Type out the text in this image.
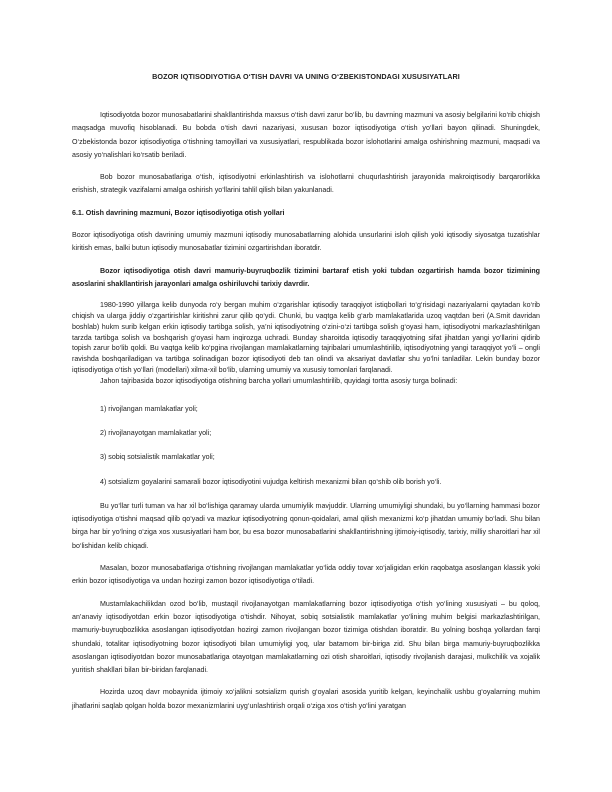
BOZOR IQTISODIYOTIGA O‘TISH DAVRI VA UNING O‘ZBEKISTONDAGI XUSUSIYATLARI

Iqtisodiyotda bozor munosabatlarini shakllantirishda maxsus o‘tish davri zarur bo‘lib, bu davrning mazmuni va asosiy belgilarini ko‘rib chiqish maqsadga muvofiq hisoblanadi. Bu bobda o‘tish davri nazariyasi, xususan bozor iqtisodiyotiga o‘tish yo‘llari bayon qilinadi. Shuningdek, O‘zbekistonda bozor iqtisodiyotiga o‘tishning tamoyillari va xususiyatlari, respublikada bozor islohotlarini amalga oshirishning mazmuni, maqsadi va asosiy yo‘nalishlari ko‘rsatib beriladi.

Bob bozor munosabatlariga o‘tish, iqtisodiyotni erkinlashtirish va islohotlarni chuqurlashtirish jarayonida makroiqtisodiy barqarorlikka erishish, strategik vazifalarni amalga oshirish yo‘llarini tahlil qilish bilan yakunlanadi.

6.1. Otish davrining mazmuni, Bozor iqtisodiyotiga otish yollari

Bozor iqtisodiyotiga otish davrining umumiy mazmuni iqtisodiy munosabatlarning alohida unsurlarini isloh qilish yoki iqtisodiy siyosatga tuzatishlar kiritish emas, balki butun iqtisodiy munosabatlar tizimini ozgartirishdan iboratdir.

Bozor iqtisodiyotiga otish davri mamuriy-buyruqbozlik tizimini bartaraf etish yoki tubdan ozgartirish hamda bozor tizimining asoslarini shakllantirish jarayonlari amalga oshiriluvchi tarixiy davrdir.

1980-1990 yillarga kelib dunyoda ro‘y bergan muhim o‘zgarishlar iqtisodiy taraqqiyot istiqbollari to‘g‘risidagi nazariyalarni qaytadan ko‘rib chiqish va ularga jiddiy o‘zgartirishlar kiritishni zarur qilib qo‘ydi. Chunki, bu vaqtga kelib g‘arb mamlakatlarida uzoq vaqtdan beri (A.Smit davridan boshlab) hukm surib kelgan erkin iqtisodiy tartibga solish, ya’ni iqtisodiyotning o‘zini-o‘zi tartibga solish g‘oyasi ham, iqtisodiyotni markazlashtirilgan tarzda tartibga solish va boshqarish g‘oyasi ham inqirozga uchradi. Bunday sharoitda iqtisodiy taraqqiyotning sifat jihatdan yangi yo‘llarini qidirib topish zarur bo‘lib qoldi. Bu vaqtga kelib ko‘pgina rivojlangan mamlakatlarning tajribalari umumlashtirilib, iqtisodiyotning yangi taraqqiyot yo‘li – ongli ravishda boshqariladigan va tartibga solinadigan bozor iqtisodiyoti deb tan olindi va aksariyat davlatlar shu yo‘lni tanladilar. Lekin bunday bozor iqtisodiyotiga o‘tish yo‘llari (modellari) xilma-xil bo‘lib, ularning umumiy va xususiy tomonlari farqlanadi.

Jahon tajribasida bozor iqtisodiyotiga otishning barcha yollari umumlashtirilib, quyidagi tortta asosiy turga bolinadi:

1) rivojlangan mamlakatlar yoli;

2) rivojlanayotgan mamlakatlar yoli;

3) sobiq sotsialistik mamlakatlar yoli;

4) sotsializm goyalarini samarali bozor iqtisodiyotini vujudga keltirish mexanizmi bilan qo‘shib olib borish yo‘li.

Bu yo‘llar turli tuman va har xil bo‘lishiga qaramay ularda umumiylik mavjuddir. Ularning umumiyligi shundaki, bu yo‘llarning hammasi bozor iqtisodiyotiga o‘tishni maqsad qilib qo‘yadi va mazkur iqtisodiyotning qonun-qoidalari, amal qilish mexanizmi ko‘p jihatdan umumiy bo‘ladi. Shu bilan birga har bir yo‘lning o‘ziga xos xususiyatlari ham bor, bu esa bozor munosabatlarini shakllantirishning ijtimoiy-iqtisodiy, tarixiy, milliy sharoitlari har xil bo‘lishidan kelib chiqadi.

Masalan, bozor munosabatlariga o‘tishning rivojlangan mamlakatlar yo‘lida oddiy tovar xo‘jaligidan erkin raqobatga asoslangan klassik yoki erkin bozor iqtisodiyotiga va undan hozirgi zamon bozor iqtisodiyotiga o‘tiladi.

Mustamlakachilikdan ozod bo‘lib, mustaqil rivojlanayotgan mamlakatlarning bozor iqtisodiyotiga o‘tish yo‘lining xususiyati – bu qoloq, an’anaviy iqtisodiyotdan erkin bozor iqtisodiyotiga o‘tishdir. Nihoyat, sobiq sotsialistik mamlakatlar yo‘lining muhim belgisi markazlashtirilgan, mamuriy-buyruqbozlikka asoslangan iqtisodiyotdan hozirgi zamon rivojlangan bozor tizimiga otishdan iboratdir. Bu yolning boshqa yollardan farqi shundaki, totalitar iqtisodiyotning bozor iqtisodiyoti bilan umumiyligi yoq, ular batamom bir-biriga zid. Shu bilan birga mamuriy-buyruqbozlikka asoslangan iqtisodiyotdan bozor munosabatlariga otayotgan mamlakatlarning ozi otish sharoitlari, iqtisodiy rivojlanish darajasi, mulkchilik va xojalik yuritish shakllari bilan bir-biridan farqlanadi.

Hozirda uzoq davr mobaynida ijtimoiy xo‘jalikni sotsializm qurish g‘oyalari asosida yuritib kelgan, keyinchalik ushbu g‘oyalarning muhim jihatlarini saqlab qolgan holda bozor mexanizmlarini uyg‘unlashtirish orqali o‘ziga xos o‘tish yo‘lini yaratgan
